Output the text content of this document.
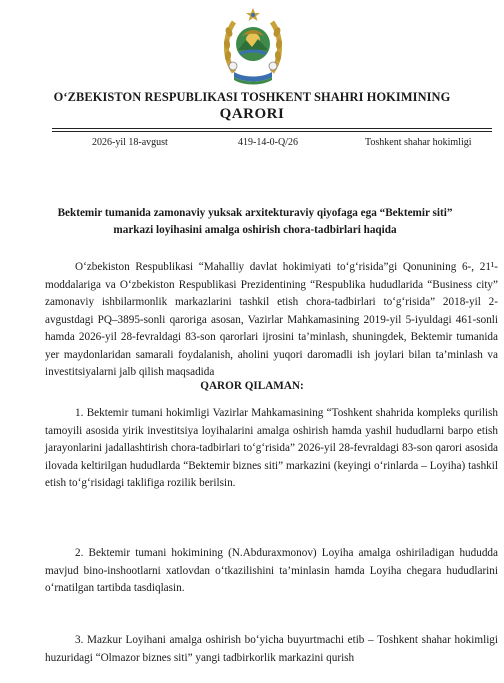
O‘ZBEKISTON RESPUBLIKASI TOSHKENT SHAHRI HOKIMINING
QARORI
2026-yil 18-avgust	419-14-0-Q/26	Toshkent shahar hokimligi
Bektemir tumanida zamonaviy yuksak arxitekturaviy qiyofaga ega “Bektemir siti” markazi loyihasini amalga oshirish chora-tadbirlari haqida

O‘zbekiston Respublikasi “Mahalliy davlat hokimiyati to‘g‘risida”gi Qonunining 6-, 21¹-moddalariga va O‘zbekiston Respublikasi Prezidentining “Respublika hududlarida “Business city” zamonaviy ishbilarmonlik markazlarini tashkil etish chora-tadbirlari to‘g‘risida” 2018-yil 2-avgustdagi PQ–3895-sonli qaroriga asosan, Vazirlar Mahkamasining 2019-yil 5-iyuldagi 461-sonli hamda 2026-yil 28-fevraldagi 83-son qarorlari ijrosini ta’minlash, shuningdek, Bektemir tumanida yer maydonlaridan samarali foydalanish, aholini yuqori daromadli ish joylari bilan ta’minlash va investitsiyalarni jalb qilish maqsadida

QAROR QILAMAN:

1. Bektemir tumani hokimligi Vazirlar Mahkamasining “Toshkent shahrida kompleks qurilish tamoyili asosida yirik investitsiya loyihalarini amalga oshirish hamda yashil hududlarni barpo etish jarayonlarini jadallashtirish chora-tadbirlari to‘g‘risida” 2026-yil 28-fevraldagi 83-son qarori asosida ilovada keltirilgan hududlarda “Bektemir biznes siti” markazini (keyingi o‘rinlarda – Loyiha) tashkil etish to‘g‘risidagi taklifiga rozilik berilsin.

2. Bektemir tumani hokimining (N.Abduraxmonov) Loyiha amalga oshiriladigan hududda mavjud bino-inshootlarni xatlovdan o‘tkazilishini ta’minlasin hamda Loyiha chegara hududlarini o‘rnatilgan tartibda tasdiqlasin.

3. Mazkur Loyihani amalga oshirish bo‘yicha buyurtmachi etib – Toshkent shahar hokimligi huzuridagi “Olmazor biznes siti” yangi tadbirkorlik markazini qurish
